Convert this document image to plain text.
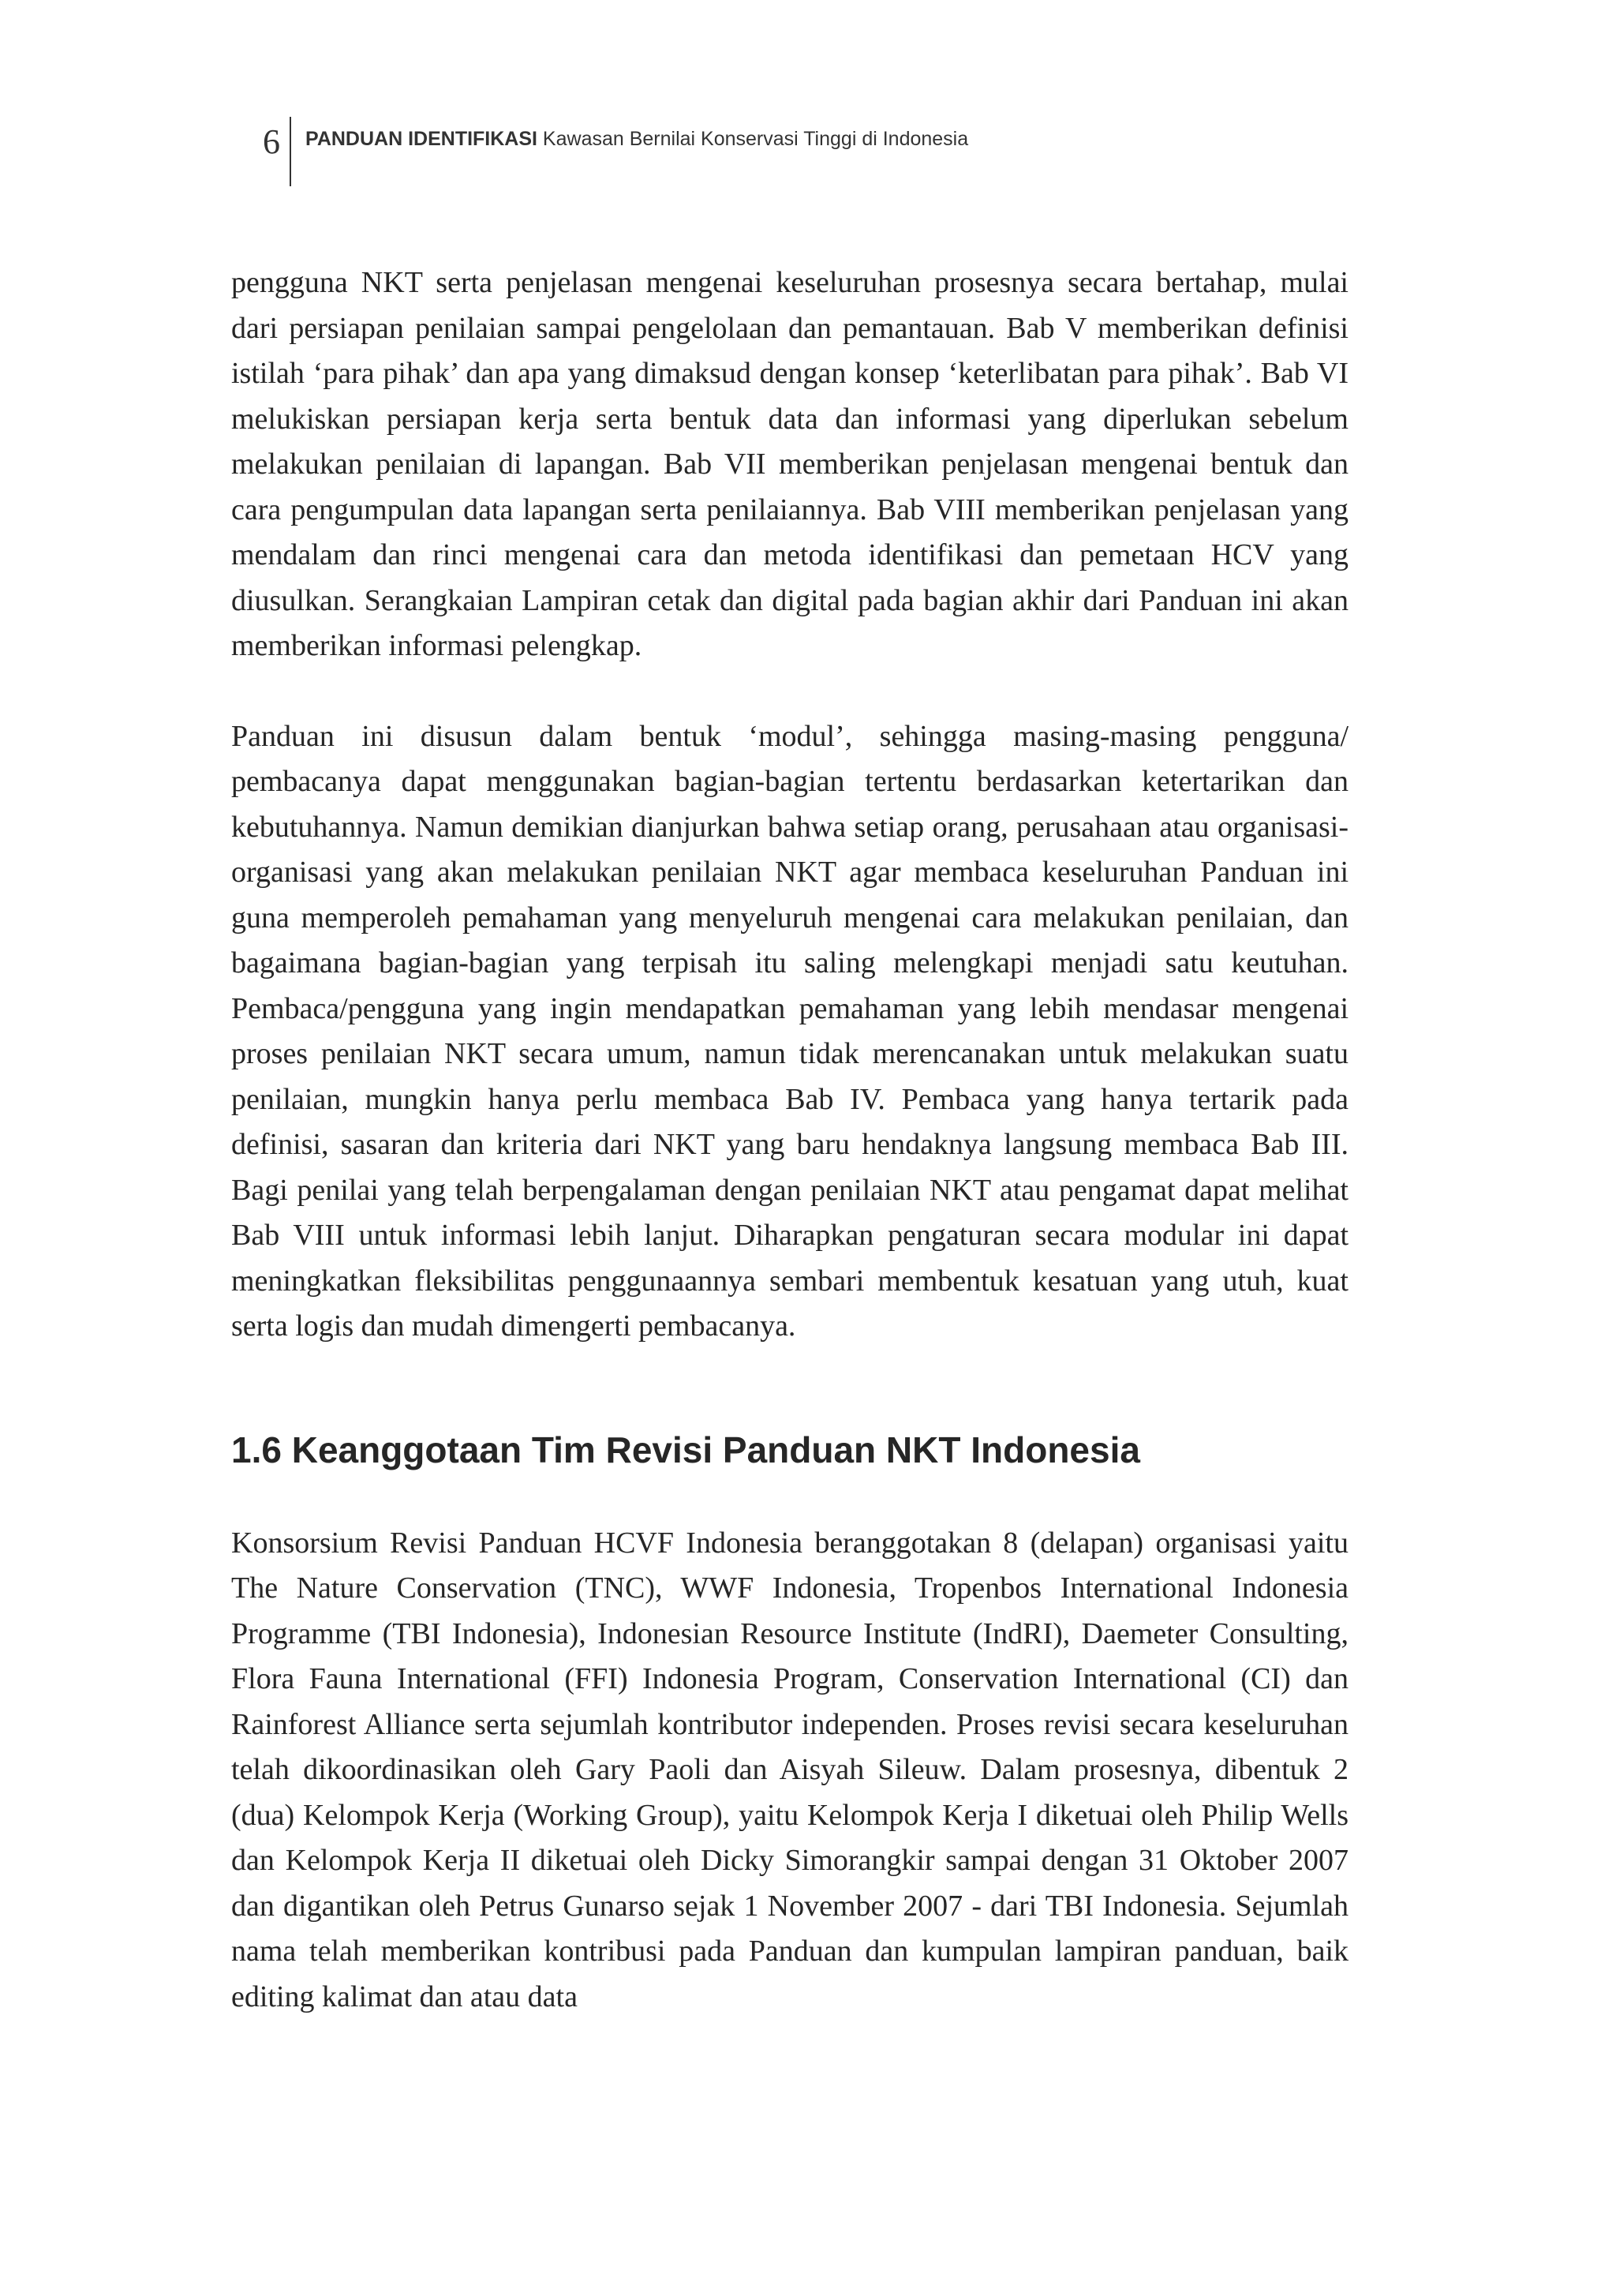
6	PANDUAN IDENTIFIKASI Kawasan Bernilai Konservasi Tinggi di Indonesia

pengguna NKT serta penjelasan mengenai keseluruhan prosesnya secara bertahap, mulai dari persiapan penilaian sampai pengelolaan dan pemantauan. Bab V memberikan definisi istilah ‘para pihak’ dan apa yang dimaksud dengan konsep ‘keterlibatan para pihak’. Bab VI melukiskan persiapan kerja serta bentuk data dan informasi yang diperlukan sebelum melakukan penilaian di lapangan. Bab VII memberikan penjelasan mengenai bentuk dan cara pengumpulan data lapangan serta penilaiannya. Bab VIII memberikan penjelasan yang mendalam dan rinci mengenai cara dan metoda identifikasi dan pemetaan HCV yang diusulkan. Serangkaian Lampiran cetak dan digital pada bagian akhir dari Panduan ini akan memberikan informasi pelengkap.

Panduan ini disusun dalam bentuk ‘modul’, sehingga masing-masing pengguna/ pembacanya dapat menggunakan bagian-bagian tertentu berdasarkan ketertarikan dan kebutuhannya. Namun demikian dianjurkan bahwa setiap orang, perusahaan atau organisasi-organisasi yang akan melakukan penilaian NKT agar membaca keseluruhan Panduan ini guna memperoleh pemahaman yang menyeluruh mengenai cara melakukan penilaian, dan bagaimana bagian-bagian yang terpisah itu saling melengkapi menjadi satu keutuhan. Pembaca/pengguna yang ingin mendapatkan pemahaman yang lebih mendasar mengenai proses penilaian NKT secara umum, namun tidak merencanakan untuk melakukan suatu penilaian, mungkin hanya perlu membaca Bab IV. Pembaca yang hanya tertarik pada definisi, sasaran dan kriteria dari NKT yang baru hendaknya langsung membaca Bab III. Bagi penilai yang telah berpengalaman dengan penilaian NKT atau pengamat dapat melihat Bab VIII untuk informasi lebih lanjut. Diharapkan pengaturan secara modular ini dapat meningkatkan fleksibilitas penggunaannya sembari membentuk kesatuan yang utuh, kuat serta logis dan mudah dimengerti pembacanya.

1.6 Keanggotaan Tim Revisi Panduan NKT Indonesia

Konsorsium Revisi Panduan HCVF Indonesia beranggotakan 8 (delapan) organisasi yaitu The Nature Conservation (TNC), WWF Indonesia, Tropenbos International Indonesia Programme (TBI Indonesia), Indonesian Resource Institute (IndRI), Daemeter Consulting, Flora Fauna International (FFI) Indonesia Program, Conservation International (CI) dan Rainforest Alliance serta sejumlah kontributor independen. Proses revisi secara keseluruhan telah dikoordinasikan oleh Gary Paoli dan Aisyah Sileuw. Dalam prosesnya, dibentuk 2 (dua) Kelompok Kerja (Working Group), yaitu Kelompok Kerja I diketuai oleh Philip Wells dan Kelompok Kerja II diketuai oleh Dicky Simorangkir sampai dengan 31 Oktober 2007 dan digantikan oleh Petrus Gunarso sejak 1 November 2007 - dari TBI Indonesia. Sejumlah nama telah memberikan kontribusi pada Panduan dan kumpulan lampiran panduan, baik editing kalimat dan atau data
